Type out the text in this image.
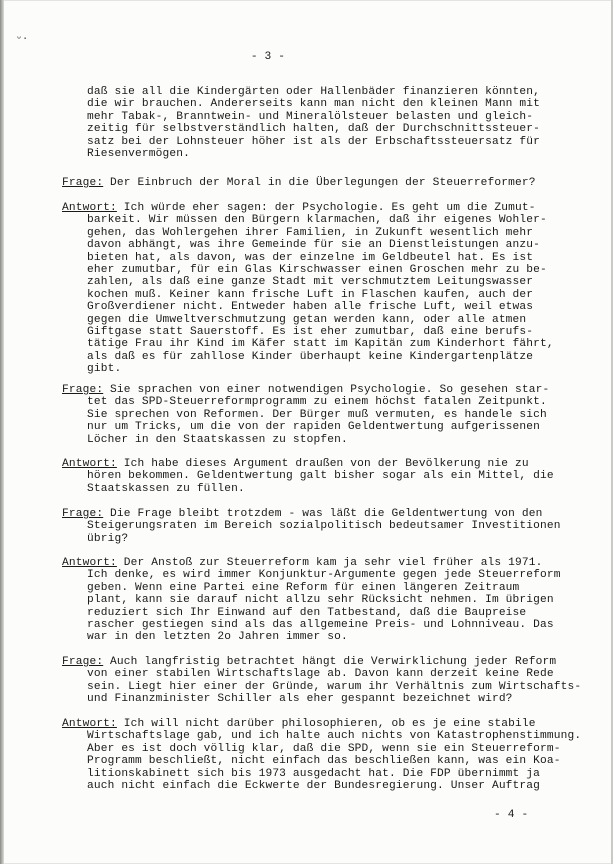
ᵕ·
- 3 -
daß sie all die Kindergärten oder Hallenbäder finanzieren könnten,
die wir brauchen. Andererseits kann man nicht den kleinen Mann mit
mehr Tabak-, Branntwein- und Mineralölsteuer belasten und gleich-
zeitig für selbstverständlich halten, daß der Durchschnittssteuer-
satz bei der Lohnsteuer höher ist als der Erbschaftssteuersatz für
Riesenvermögen.
Frage: Der Einbruch der Moral in die Überlegungen der Steuerreformer?
Antwort: Ich würde eher sagen: der Psychologie. Es geht um die Zumut-
barkeit. Wir müssen den Bürgern klarmachen, daß ihr eigenes Wohler-
gehen, das Wohlergehen ihrer Familien, in Zukunft wesentlich mehr
davon abhängt, was ihre Gemeinde für sie an Dienstleistungen anzu-
bieten hat, als davon, was der einzelne im Geldbeutel hat. Es ist
eher zumutbar, für ein Glas Kirschwasser einen Groschen mehr zu be-
zahlen, als daß eine ganze Stadt mit verschmutztem Leitungswasser
kochen muß. Keiner kann frische Luft in Flaschen kaufen, auch der
Großverdiener nicht. Entweder haben alle frische Luft, weil etwas
gegen die Umweltverschmutzung getan werden kann, oder alle atmen
Giftgase statt Sauerstoff. Es ist eher zumutbar, daß eine berufs-
tätige Frau ihr Kind im Käfer statt im Kapitän zum Kinderhort fährt,
als daß es für zahllose Kinder überhaupt keine Kindergartenplätze
gibt.
Frage: Sie sprachen von einer notwendigen Psychologie. So gesehen star-
tet das SPD-Steuerreformprogramm zu einem höchst fatalen Zeitpunkt.
Sie sprechen von Reformen. Der Bürger muß vermuten, es handele sich
nur um Tricks, um die von der rapiden Geldentwertung aufgerissenen
Löcher in den Staatskassen zu stopfen.
Antwort: Ich habe dieses Argument draußen von der Bevölkerung nie zu
hören bekommen. Geldentwertung galt bisher sogar als ein Mittel, die
Staatskassen zu füllen.
Frage: Die Frage bleibt trotzdem - was läßt die Geldentwertung von den
Steigerungsraten im Bereich sozialpolitisch bedeutsamer Investitionen
übrig?
Antwort: Der Anstoß zur Steuerreform kam ja sehr viel früher als 1971.
Ich denke, es wird immer Konjunktur-Argumente gegen jede Steuerreform
geben. Wenn eine Partei eine Reform für einen längeren Zeitraum
plant, kann sie darauf nicht allzu sehr Rücksicht nehmen. Im übrigen
reduziert sich Ihr Einwand auf den Tatbestand, daß die Baupreise
rascher gestiegen sind als das allgemeine Preis- und Lohnniveau. Das
war in den letzten 2o Jahren immer so.
Frage: Auch langfristig betrachtet hängt die Verwirklichung jeder Reform
von einer stabilen Wirtschaftslage ab. Davon kann derzeit keine Rede
sein. Liegt hier einer der Gründe, warum ihr Verhältnis zum Wirtschafts-
und Finanzminister Schiller als eher gespannt bezeichnet wird?
Antwort: Ich will nicht darüber philosophieren, ob es je eine stabile
Wirtschaftslage gab, und ich halte auch nichts von Katastrophenstimmung.
Aber es ist doch völlig klar, daß die SPD, wenn sie ein Steuerreform-
Programm beschließt, nicht einfach das beschließen kann, was ein Koa-
litionskabinett sich bis 1973 ausgedacht hat. Die FDP übernimmt ja
auch nicht einfach die Eckwerte der Bundesregierung. Unser Auftrag
- 4 -
